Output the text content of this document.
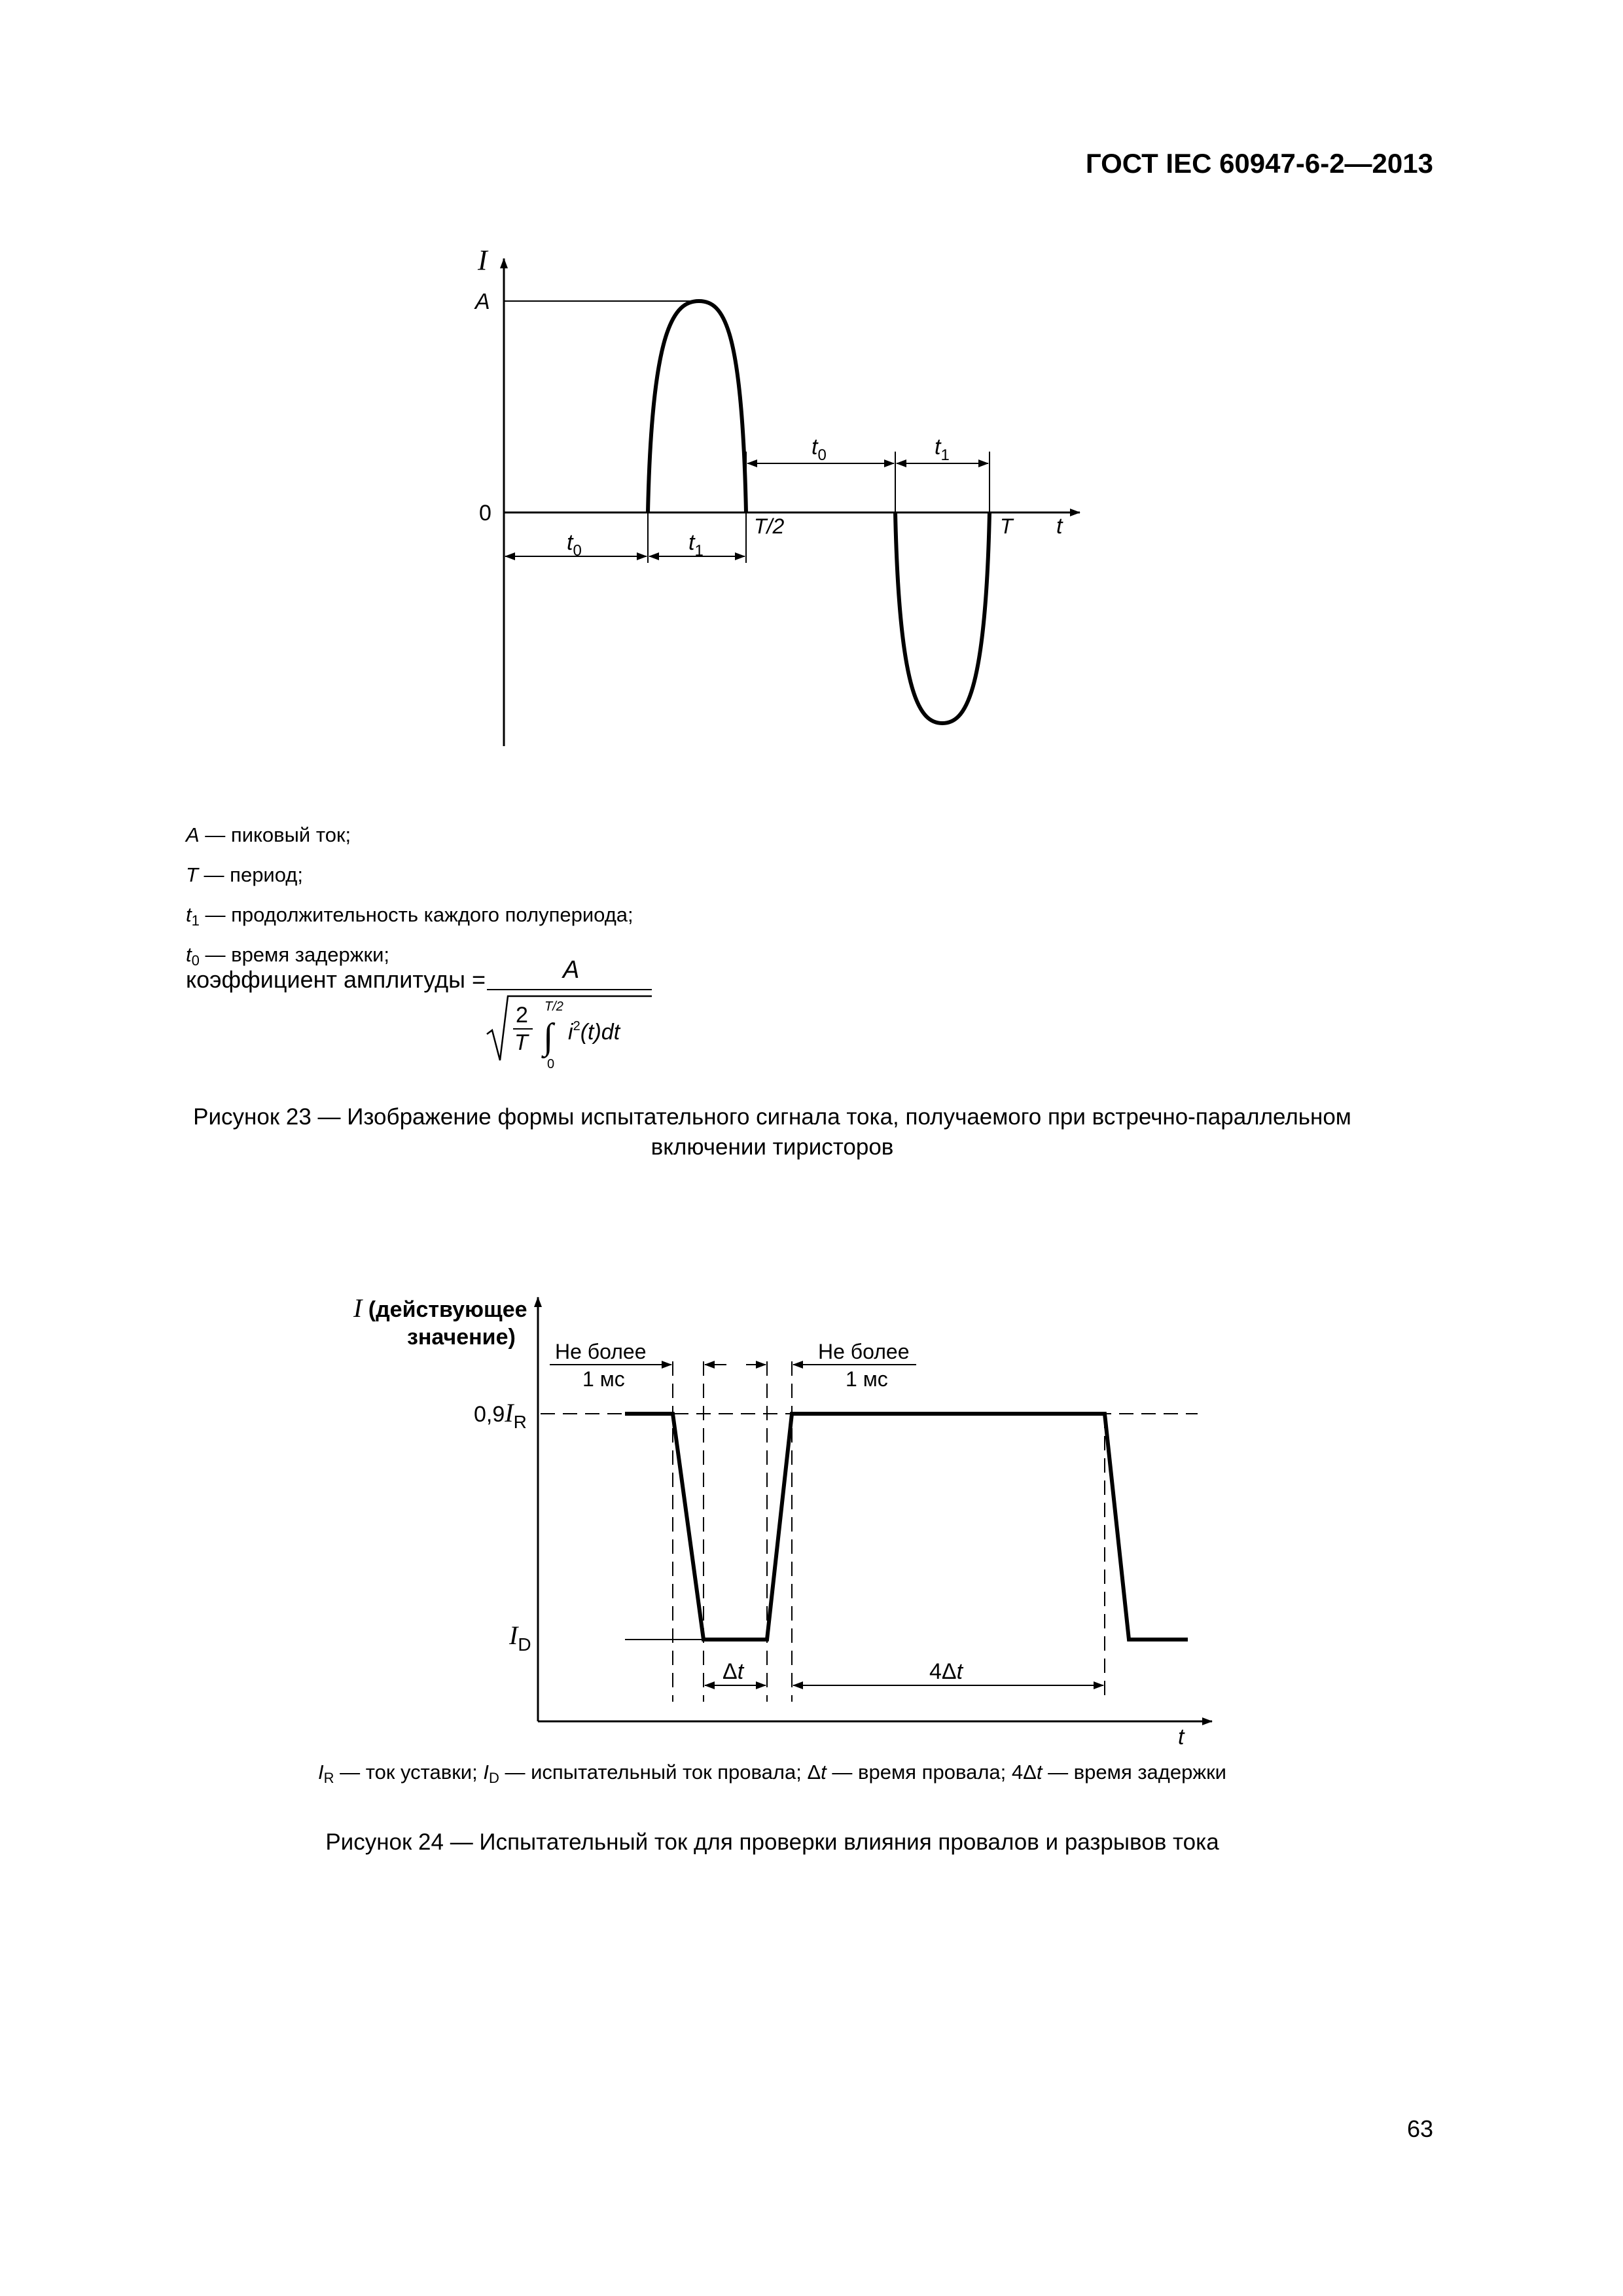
ГОСТ IEC 60947-6-2—2013
I
A
0
T/2	T t
$t_0$	$t_1$
$t_0$	$t_1$
A — пиковый ток;
T — период;
$t_1$ — продолжительность каждого полупериода;
$t_0$ — время задержки;
коэффициент амплитуды =	A
2
T
T/2
∫
0
$i^2(t)dt$
Рисунок 23 — Изображение формы испытательного сигнала тока, получаемого при встречно-параллельном
включении тиристоров
I (действующее
значение)
Не более
1 мс
Не более
1 мс
$0,9I_R$
$I_D$
Δt	4Δt
t
$I_R$ — ток уставки; $I_D$ — испытательный ток провала; Δt — время провала; 4Δt — время задержки
Рисунок 24 — Испытательный ток для проверки влияния провалов и разрывов тока
63
